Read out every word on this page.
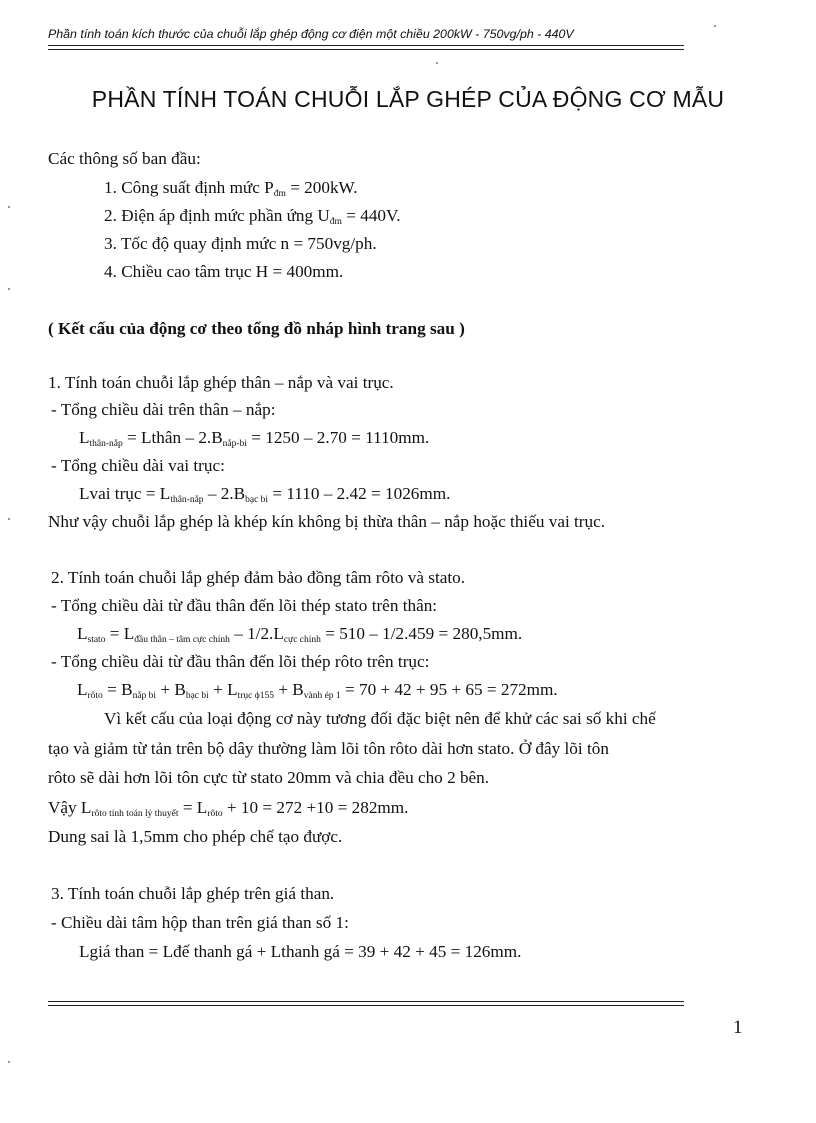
Phần tính toán kích thước của chuỗi lắp ghép động cơ điện một chiều 200kW - 750vg/ph - 440V
PHẦN TÍNH TOÁN CHUỖI LẮP GHÉP CỦA ĐỘNG CƠ MẪU
Các thông số ban đầu:
1. Công suất định mức $P_{đm} = 200kW$.
2. Điện áp định mức phần ứng $U_{đm} = 440V$.
3. Tốc độ quay định mức n = 750vg/ph.
4. Chiều cao tâm trục H = 400mm.
( Kết cấu của động cơ theo tổng đồ nháp hình trang sau )
1. Tính toán chuỗi lắp ghép thân – nắp và vai trục.
- Tổng chiều dài trên thân – nắp:
$L_{thân-nắp}$ = Lthân – $2.B_{nắp-bi} = 1250 - 2.70 = 1110mm$.
- Tổng chiều dài vai trục:
Lvai trục = $L_{thân-nắp} - 2.B_{bạc bi} = 1110 - 2.42 = 1026mm$.
Như vậy chuỗi lắp ghép là khép kín không bị thừa thân – nắp hoặc thiếu vai trục.
2. Tính toán chuỗi lắp ghép đảm bảo đồng tâm rôto và stato.
- Tổng chiều dài từ đầu thân đến lõi thép stato trên thân:
$L_{stato} = L_{đầu thân - tâm cực chính} - 1/2.L_{cực chính} = 510 - 1/2.459 = 280,5mm$.
- Tổng chiều dài từ đầu thân đến lõi thép rôto trên trục:
$L_{rôto} = B_{nắp bi} + B_{bạc bi} + L_{trục \phi 155} + B_{vành ép 1} = 70 + 42 + 95 + 65 = 272mm$.
Vì kết cấu của loại động cơ này tương đối đặc biệt nên để khử các sai số khi chế
tạo và giảm từ tản trên bộ dây thường làm lõi tôn rôto dài hơn stato. Ở đây lõi tôn
rôto sẽ dài hơn lõi tôn cực từ stato 20mm và chia đều cho 2 bên.
Vậy $L_{rôto tính toán lý thuyết} = L_{rôto} + 10 = 272 +10 = 282mm$.
Dung sai là 1,5mm cho phép chế tạo được.
3. Tính toán chuỗi lắp ghép trên giá than.
- Chiều dài tâm hộp than trên giá than số 1:
Lgiá than = Lđế thanh gá + Lthanh gá = 39 + 42 + 45 = 126mm.
1
